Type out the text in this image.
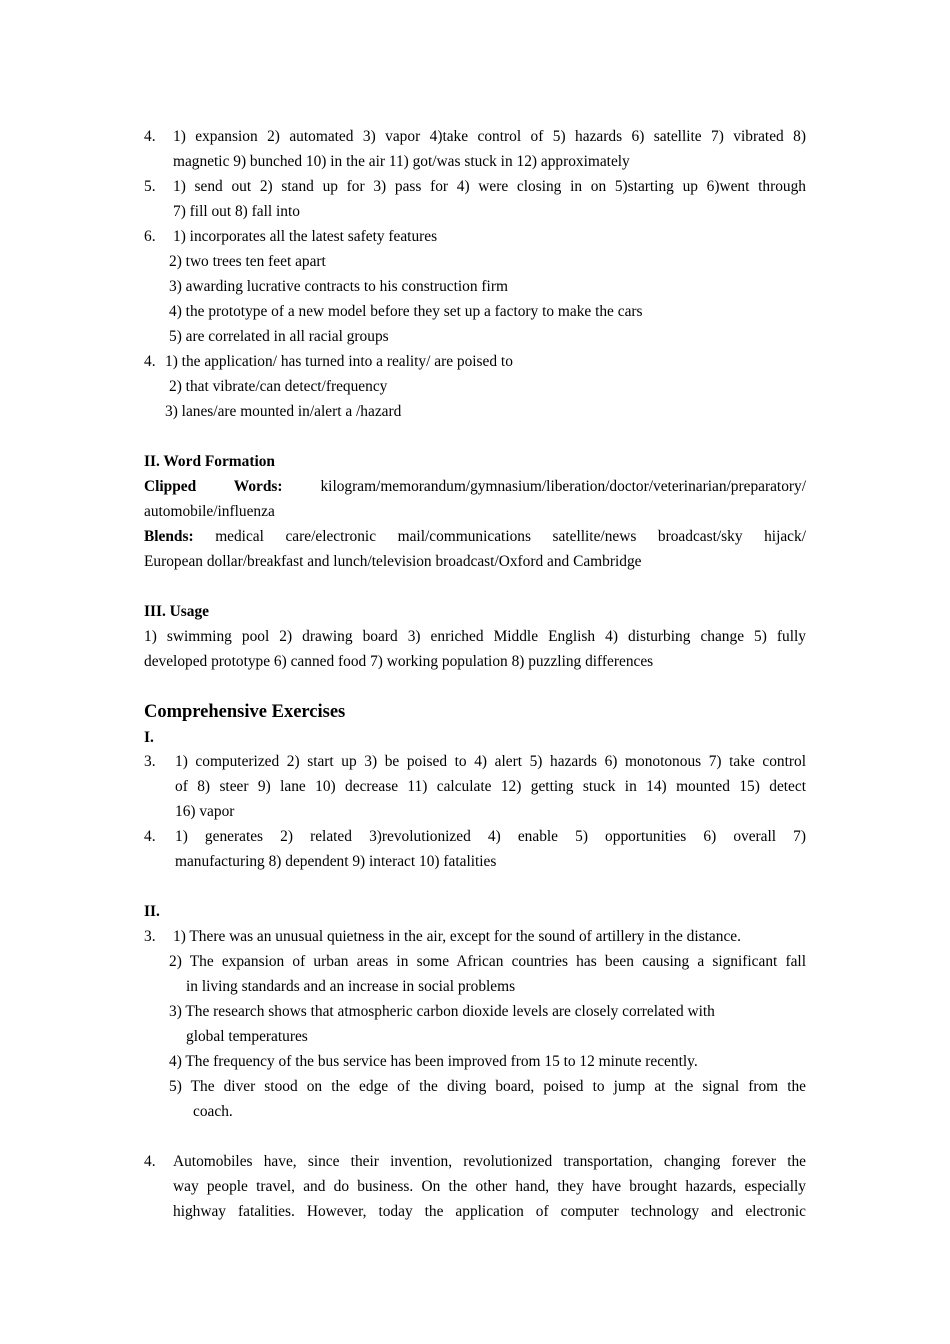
4. 1) expansion 2) automated 3) vapor 4)take control of 5) hazards 6) satellite 7) vibrated 8)
magnetic 9) bunched 10) in the air 11) got/was stuck in 12) approximately
5. 1) send out 2) stand up for 3) pass for 4) were closing in on 5)starting up 6)went through
7) fill out 8) fall into
6. 1) incorporates all the latest safety features
2) two trees ten feet apart
3) awarding lucrative contracts to his construction firm
4) the prototype of a new model before they set up a factory to make the cars
5) are correlated in all racial groups
4. 1) the application/ has turned into a reality/ are poised to
2) that vibrate/can detect/frequency
3) lanes/are mounted in/alert a /hazard
II. Word Formation
Clipped Words: kilogram/memorandum/gymnasium/liberation/doctor/veterinarian/preparatory/
automobile/influenza
Blends: medical care/electronic mail/communications satellite/news broadcast/sky hijack/
European dollar/breakfast and lunch/television broadcast/Oxford and Cambridge
III. Usage
1) swimming pool 2) drawing board 3) enriched Middle English 4) disturbing change 5) fully
developed prototype 6) canned food 7) working population 8) puzzling differences
Comprehensive Exercises
I.
3. 1) computerized 2) start up 3) be poised to 4) alert 5) hazards 6) monotonous 7) take control
of 8) steer 9) lane 10) decrease 11) calculate 12) getting stuck in 14) mounted 15) detect
16) vapor
4. 1) generates 2) related 3)revolutionized 4) enable 5) opportunities 6) overall 7)
manufacturing 8) dependent 9) interact 10) fatalities
II.
3. 1) There was an unusual quietness in the air, except for the sound of artillery in the distance.
2) The expansion of urban areas in some African countries has been causing a significant fall
in living standards and an increase in social problems
3) The research shows that atmospheric carbon dioxide levels are closely correlated with
global temperatures
4) The frequency of the bus service has been improved from 15 to 12 minute recently.
5) The diver stood on the edge of the diving board, poised to jump at the signal from the
coach.
4. Automobiles have, since their invention, revolutionized transportation, changing forever the
way people travel, and do business. On the other hand, they have brought hazards, especially
highway fatalities. However, today the application of computer technology and electronic
